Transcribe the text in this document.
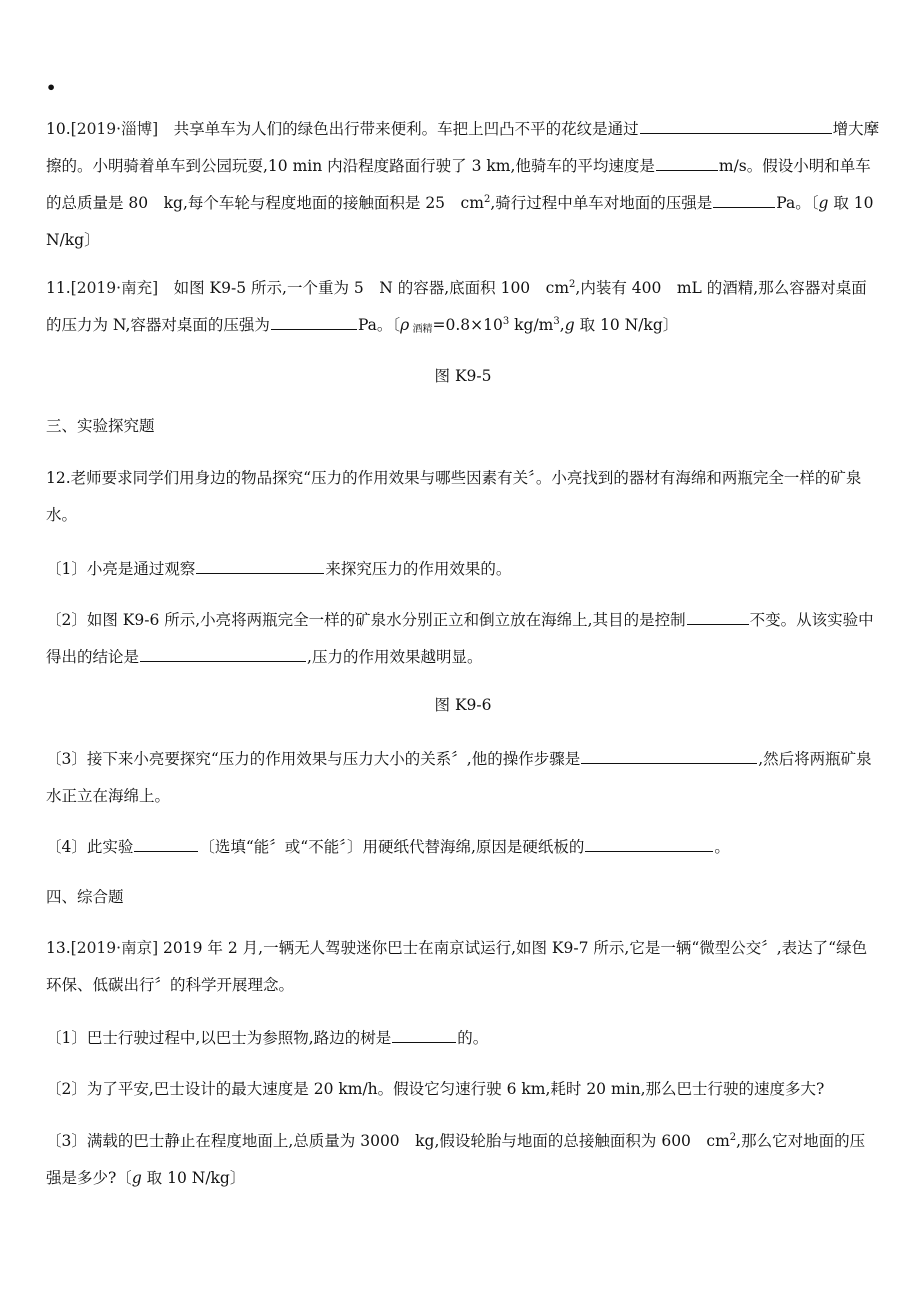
•
10.[2019·淄博]　共享单车为人们的绿色出行带来便利。车把上凹凸不平的花纹是通过	增大摩擦的。小明骑着单车到公园玩耍,10 min 内沿程度路面行驶了 3 km,他骑车的平均速度是	m/s。假设小明和单车的总质量是 80　kg,每个车轮与程度地面的接触面积是 25　$cm^2$,骑行过程中单车对地面的压强是	Pa。〔g 取 10 N/kg〕
11.[2019·南充]　如图 K9-5 所示,一个重为 5　N 的容器,底面积 100　$cm^2$,内装有 400　mL 的酒精,那么容器对桌面的压力为 N,容器对桌面的压强为	Pa。〔ρ $_{酒精}=0.8\times 10^3$ $kg/m^3,g$ 取 10 N/kg〕
图 K9-5
三、实验探究题
12.老师要求同学们用身边的物品探究“压力的作用效果与哪些因素有关〞。小亮找到的器材有海绵和两瓶完全一样的矿泉水。
〔1〕小亮是通过观察	来探究压力的作用效果的。
〔2〕如图 K9-6 所示,小亮将两瓶完全一样的矿泉水分别正立和倒立放在海绵上,其目的是控制	不变。从该实验中得出的结论是	,压力的作用效果越明显。
图 K9-6
〔3〕接下来小亮要探究“压力的作用效果与压力大小的关系〞,他的操作步骤是	,然后将两瓶矿泉水正立在海绵上。
〔4〕此实验	〔选填“能〞或“不能〞〕用硬纸代替海绵,原因是硬纸板的	。
四、综合题
13.[2019·南京] 2019 年 2 月,一辆无人驾驶迷你巴士在南京试运行,如图 K9-7 所示,它是一辆“微型公交〞,表达了“绿色环保、低碳出行〞的科学开展理念。
〔1〕巴士行驶过程中,以巴士为参照物,路边的树是	的。
〔2〕为了平安,巴士设计的最大速度是 20 km/h。假设它匀速行驶 6 km,耗时 20 min,那么巴士行驶的速度多大?
〔3〕满载的巴士静止在程度地面上,总质量为 3000　kg,假设轮胎与地面的总接触面积为 600　$cm^2$,那么它对地面的压强是多少?〔g 取 10 N/kg〕
